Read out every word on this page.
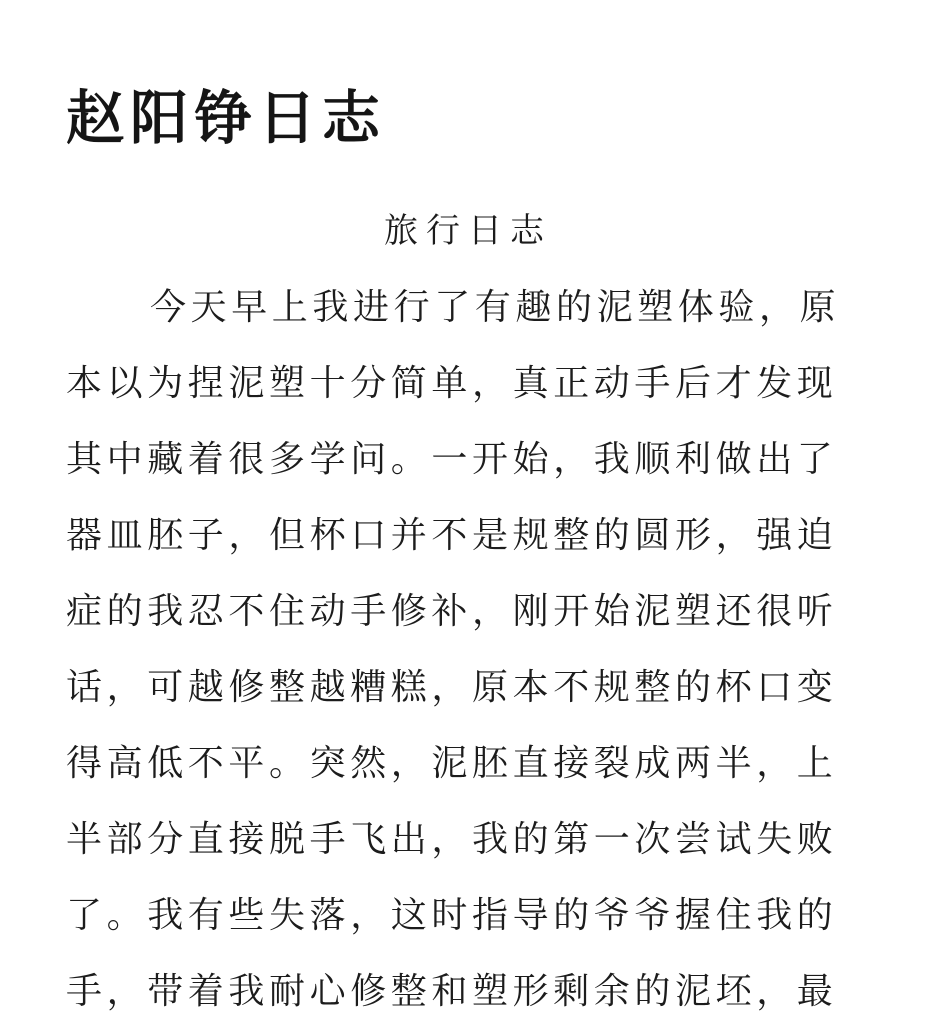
赵阳铮日志
旅行日志
今天早上我进行了有趣的泥塑体验，原
本以为捏泥塑十分简单，真正动手后才发现
其中藏着很多学问。一开始，我顺利做出了
器皿胚子，但杯口并不是规整的圆形，强迫
症的我忍不住动手修补，刚开始泥塑还很听
话，可越修整越糟糕，原本不规整的杯口变
得高低不平。突然，泥胚直接裂成两半，上
半部分直接脱手飞出，我的第一次尝试失败
了。我有些失落，这时指导的爷爷握住我的
手，带着我耐心修整和塑形剩余的泥坯，最
